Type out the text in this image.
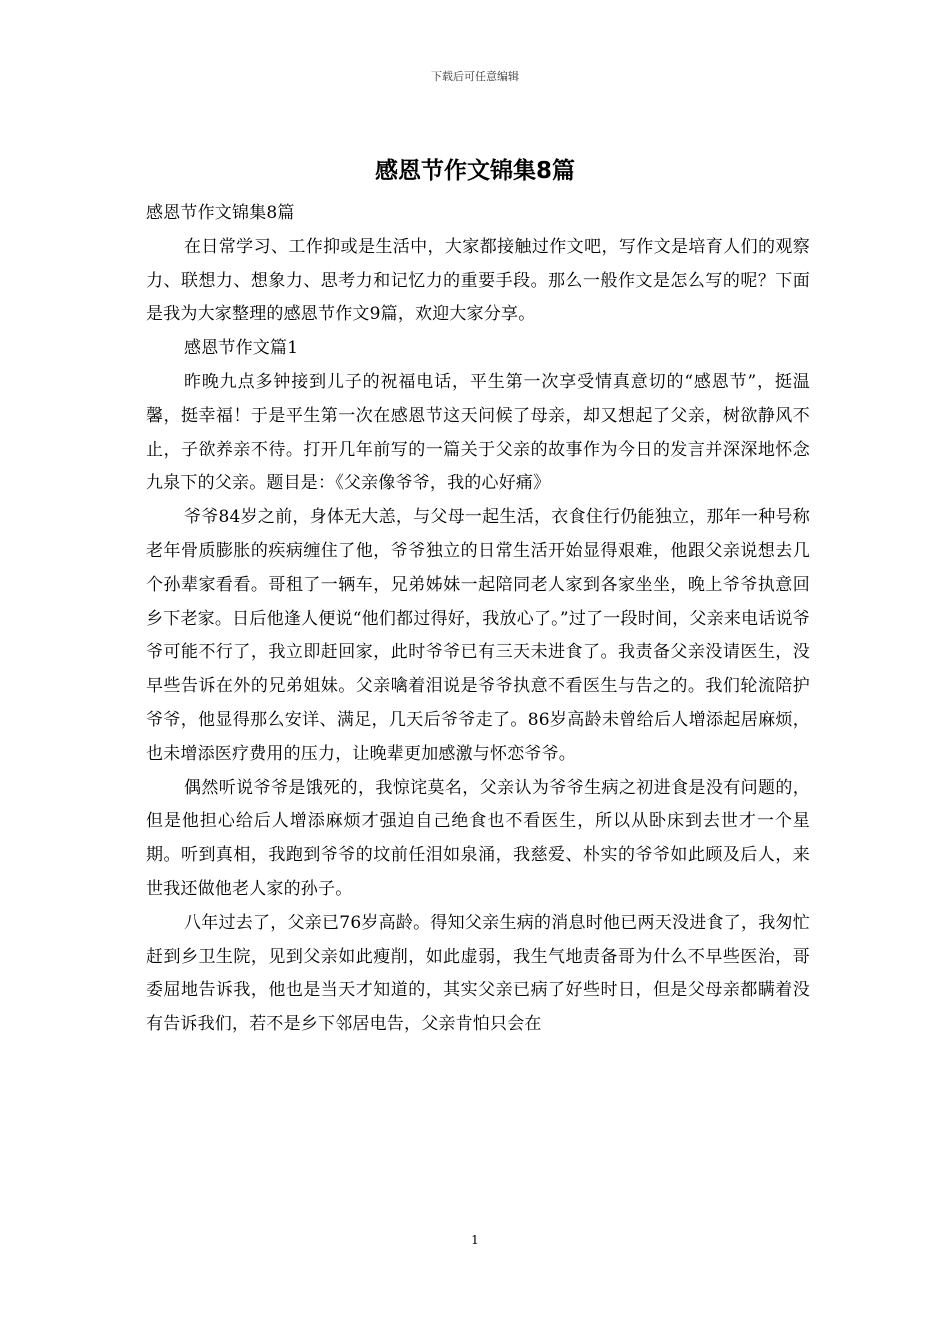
下载后可任意编辑
感恩节作文锦集8篇

感恩节作文锦集8篇

在日常学习、工作抑或是生活中，大家都接触过作文吧，写作文是培育人们的观察力、联想力、想象力、思考力和记忆力的重要手段。那么一般作文是怎么写的呢？下面是我为大家整理的感恩节作文9篇，欢迎大家分享。

感恩节作文篇1

昨晚九点多钟接到儿子的祝福电话，平生第一次享受情真意切的“感恩节”，挺温馨，挺幸福！于是平生第一次在感恩节这天问候了母亲，却又想起了父亲，树欲静风不止，子欲养亲不待。打开几年前写的一篇关于父亲的故事作为今日的发言并深深地怀念九泉下的父亲。题目是：《父亲像爷爷，我的心好痛》

爷爷84岁之前，身体无大恙，与父母一起生活，衣食住行仍能独立，那年一种号称老年骨质膨胀的疾病缠住了他，爷爷独立的日常生活开始显得艰难，他跟父亲说想去几个孙辈家看看。哥租了一辆车，兄弟姊妹一起陪同老人家到各家坐坐，晚上爷爷执意回乡下老家。日后他逢人便说“他们都过得好，我放心了。”过了一段时间，父亲来电话说爷爷可能不行了，我立即赶回家，此时爷爷已有三天未进食了。我责备父亲没请医生，没早些告诉在外的兄弟姐妹。父亲噙着泪说是爷爷执意不看医生与告之的。我们轮流陪护爷爷，他显得那么安详、满足，几天后爷爷走了。86岁高龄未曾给后人增添起居麻烦，也未增添医疗费用的压力，让晚辈更加感激与怀恋爷爷。

偶然听说爷爷是饿死的，我惊诧莫名，父亲认为爷爷生病之初进食是没有问题的，但是他担心给后人增添麻烦才强迫自己绝食也不看医生，所以从卧床到去世才一个星期。听到真相，我跑到爷爷的坟前任泪如泉涌，我慈爱、朴实的爷爷如此顾及后人，来世我还做他老人家的孙子。

八年过去了，父亲已76岁高龄。得知父亲生病的消息时他已两天没进食了，我匆忙赶到乡卫生院，见到父亲如此瘦削，如此虚弱，我生气地责备哥为什么不早些医治，哥委屈地告诉我，他也是当天才知道的，其实父亲已病了好些时日，但是父母亲都瞒着没有告诉我们，若不是乡下邻居电告，父亲肯怕只会在

1
